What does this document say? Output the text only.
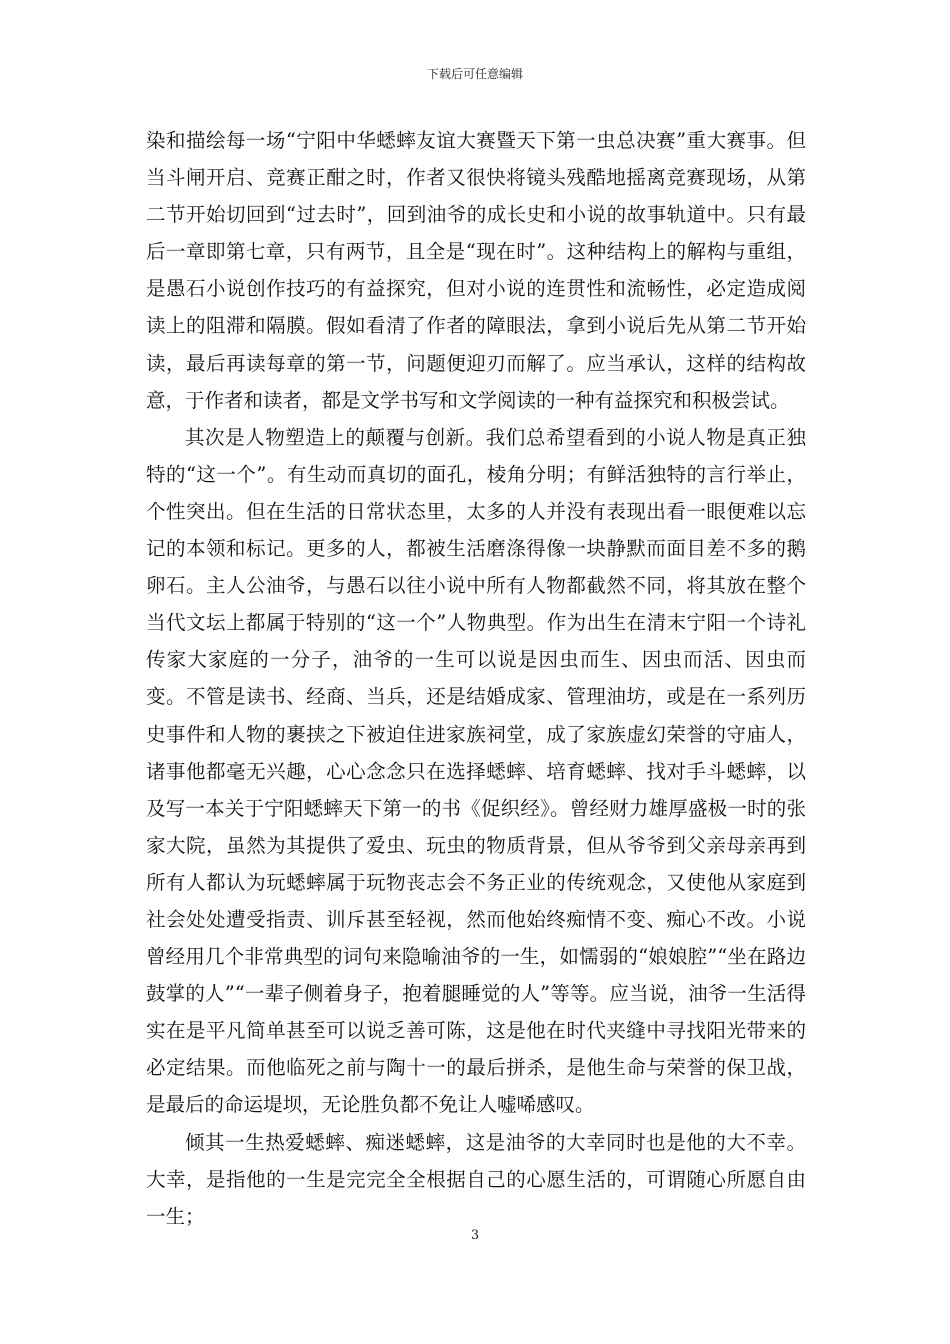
下载后可任意编辑

染和描绘每一场“宁阳中华蟋蟀友谊大赛暨天下第一虫总决赛”重大赛事。但当斗闸开启、竞赛正酣之时，作者又很快将镜头残酷地摇离竞赛现场，从第二节开始切回到“过去时”，回到油爷的成长史和小说的故事轨道中。只有最后一章即第七章，只有两节，且全是“现在时”。这种结构上的解构与重组，是愚石小说创作技巧的有益探究，但对小说的连贯性和流畅性，必定造成阅读上的阻滞和隔膜。假如看清了作者的障眼法，拿到小说后先从第二节开始读，最后再读每章的第一节，问题便迎刃而解了。应当承认，这样的结构故意，于作者和读者，都是文学书写和文学阅读的一种有益探究和积极尝试。

其次是人物塑造上的颠覆与创新。我们总希望看到的小说人物是真正独特的“这一个”。有生动而真切的面孔，棱角分明；有鲜活独特的言行举止，个性突出。但在生活的日常状态里，太多的人并没有表现出看一眼便难以忘记的本领和标记。更多的人，都被生活磨涤得像一块静默而面目差不多的鹅卵石。主人公油爷，与愚石以往小说中所有人物都截然不同，将其放在整个当代文坛上都属于特别的“这一个”人物典型。作为出生在清末宁阳一个诗礼传家大家庭的一分子，油爷的一生可以说是因虫而生、因虫而活、因虫而变。不管是读书、经商、当兵，还是结婚成家、管理油坊，或是在一系列历史事件和人物的裹挟之下被迫住进家族祠堂，成了家族虚幻荣誉的守庙人，诸事他都毫无兴趣，心心念念只在选择蟋蟀、培育蟋蟀、找对手斗蟋蟀，以及写一本关于宁阳蟋蟀天下第一的书《促织经》。曾经财力雄厚盛极一时的张家大院，虽然为其提供了爱虫、玩虫的物质背景，但从爷爷到父亲母亲再到所有人都认为玩蟋蟀属于玩物丧志会不务正业的传统观念，又使他从家庭到社会处处遭受指责、训斥甚至轻视，然而他始终痴情不变、痴心不改。小说曾经用几个非常典型的词句来隐喻油爷的一生，如懦弱的“娘娘腔”“坐在路边鼓掌的人”“一辈子侧着身子，抱着腿睡觉的人”等等。应当说，油爷一生活得实在是平凡简单甚至可以说乏善可陈，这是他在时代夹缝中寻找阳光带来的必定结果。而他临死之前与陶十一的最后拼杀，是他生命与荣誉的保卫战，是最后的命运堤坝，无论胜负都不免让人嘘唏感叹。

倾其一生热爱蟋蟀、痴迷蟋蟀，这是油爷的大幸同时也是他的大不幸。大幸，是指他的一生是完完全全根据自己的心愿生活的，可谓随心所愿自由一生；

3
